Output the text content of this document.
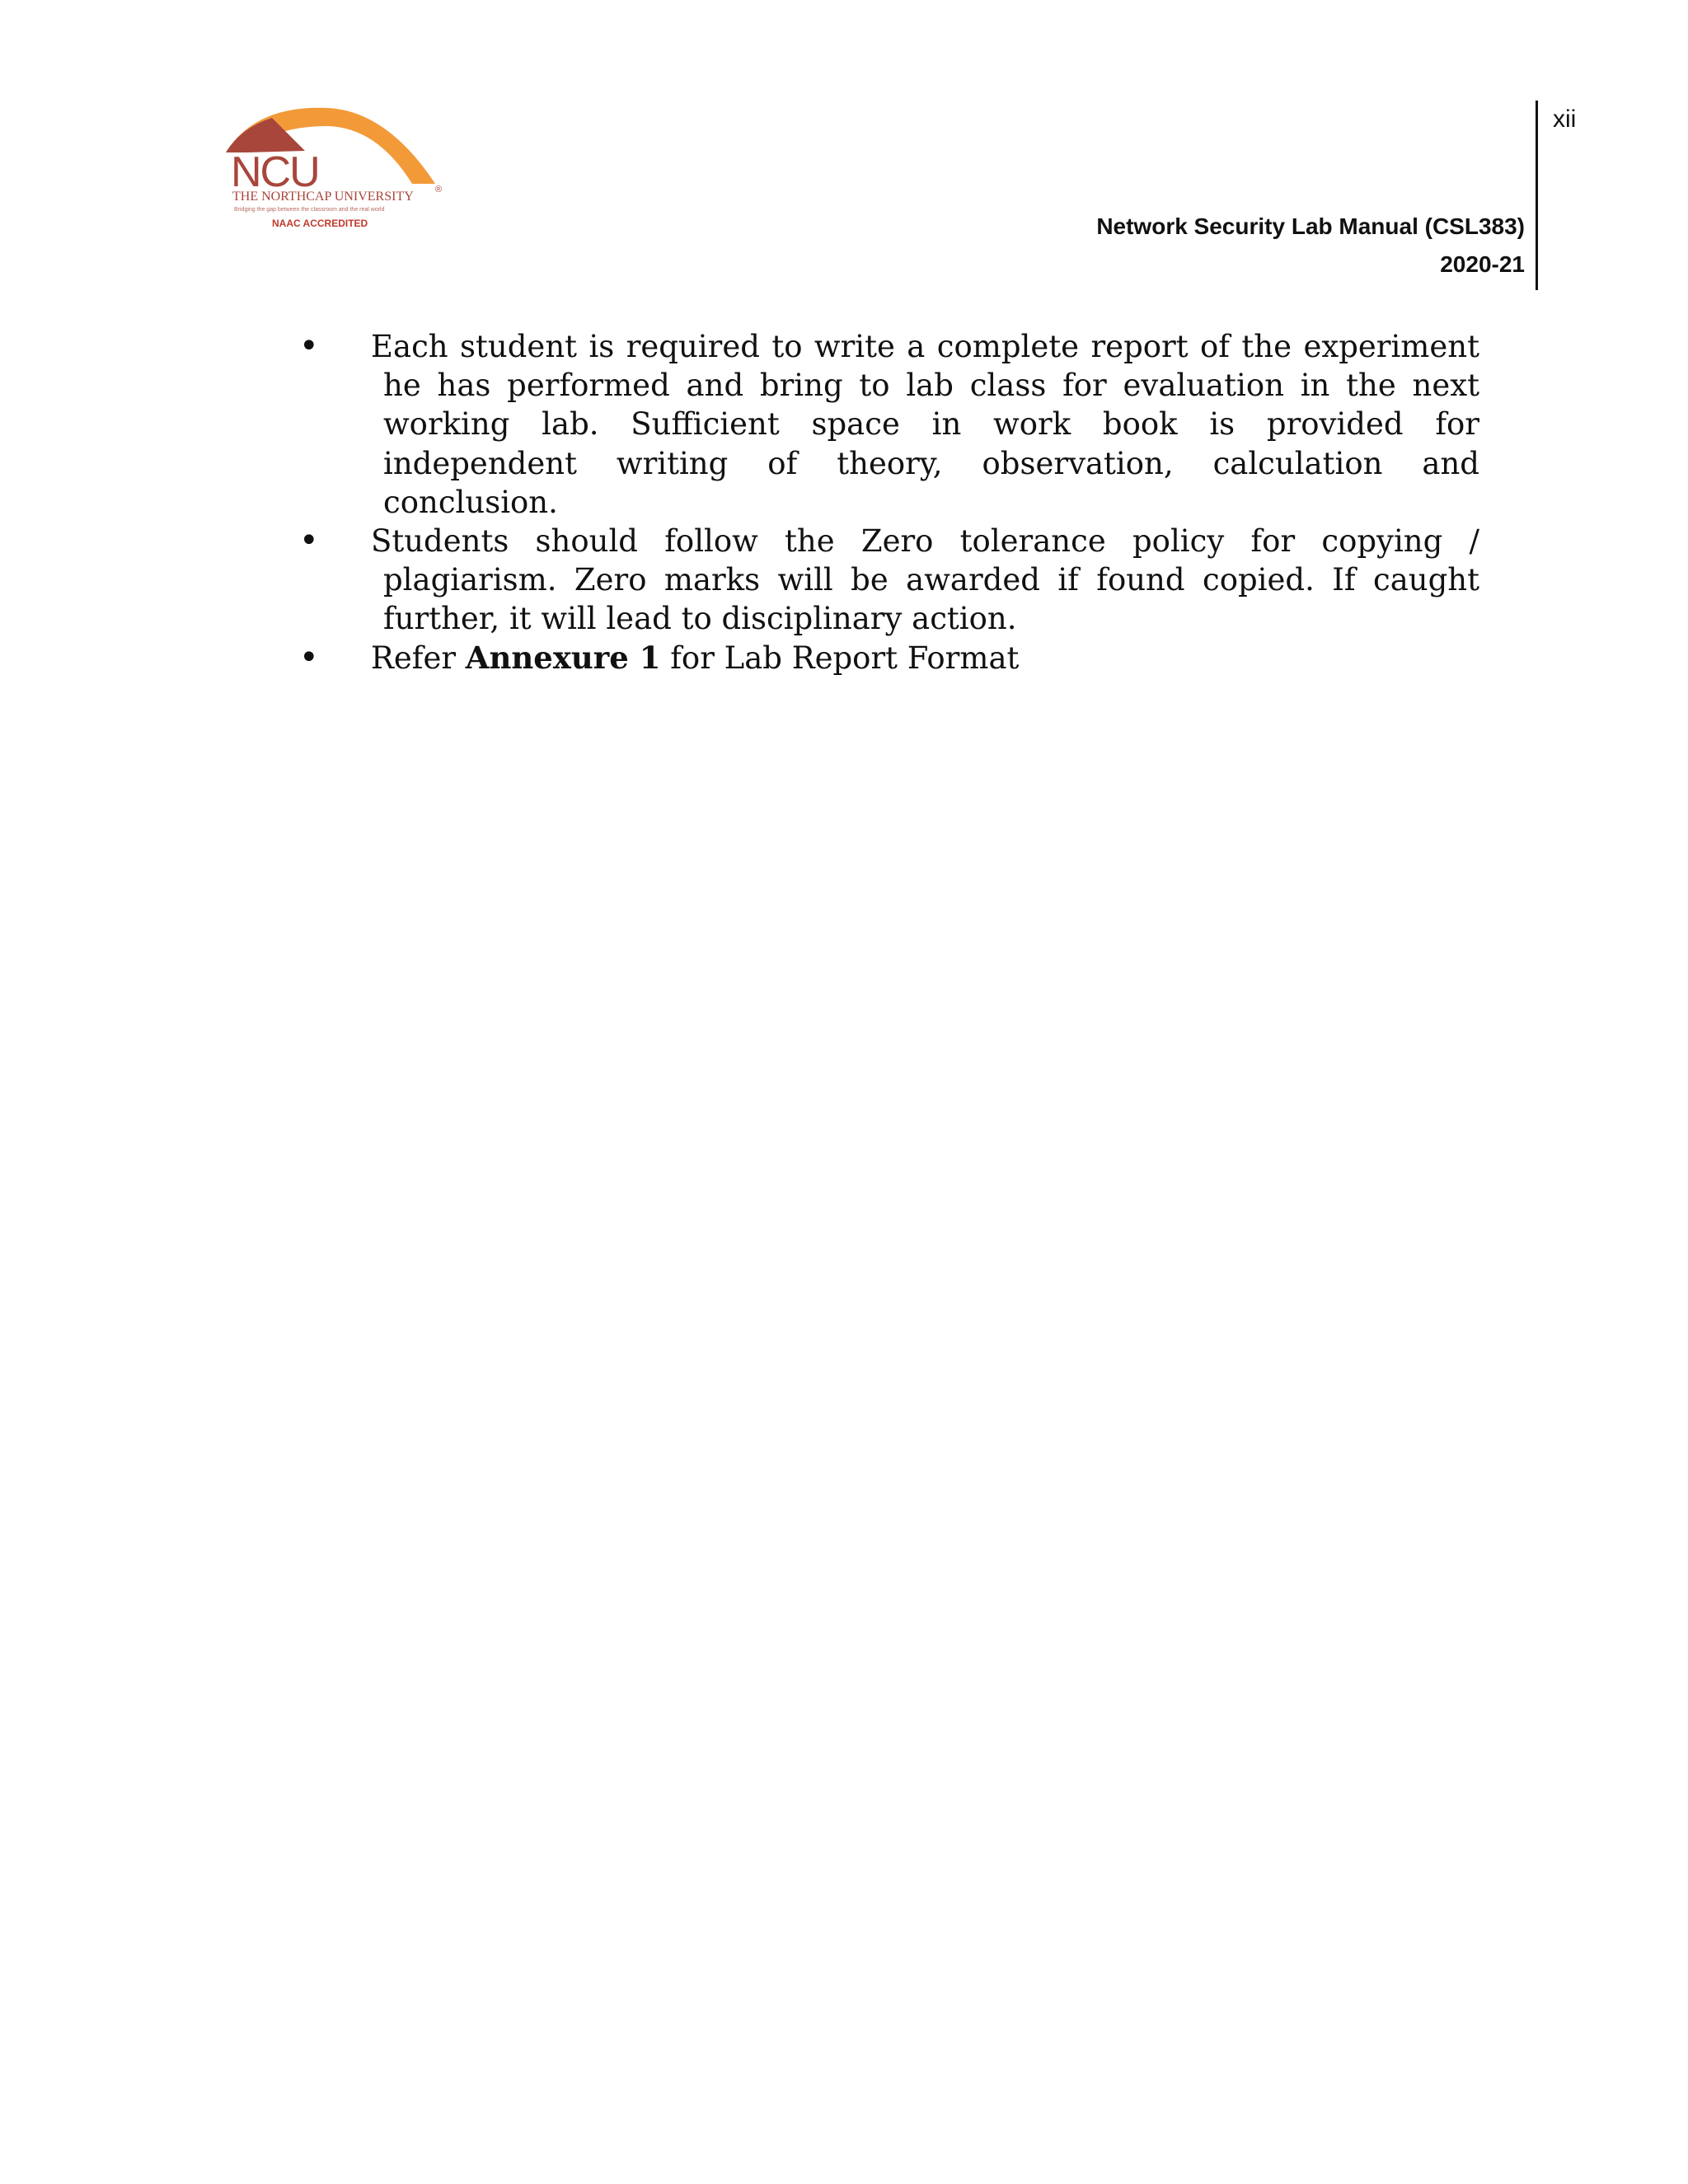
NCU
THE NORTHCAP UNIVERSITY ®
Bridging the gap between the classroom and the real world
NAAC ACCREDITED
xii
Network Security Lab Manual (CSL383)
2020-21
•
Each student is required to write a complete report of the experiment he has performed and bring to lab class for evaluation in the next working lab. Sufficient space in work book is provided for independent writing of theory, observation, calculation and conclusion.
•
Students should follow the Zero tolerance policy for copying / plagiarism. Zero marks will be awarded if found copied. If caught further, it will lead to disciplinary action.
•
Refer Annexure 1 for Lab Report Format
